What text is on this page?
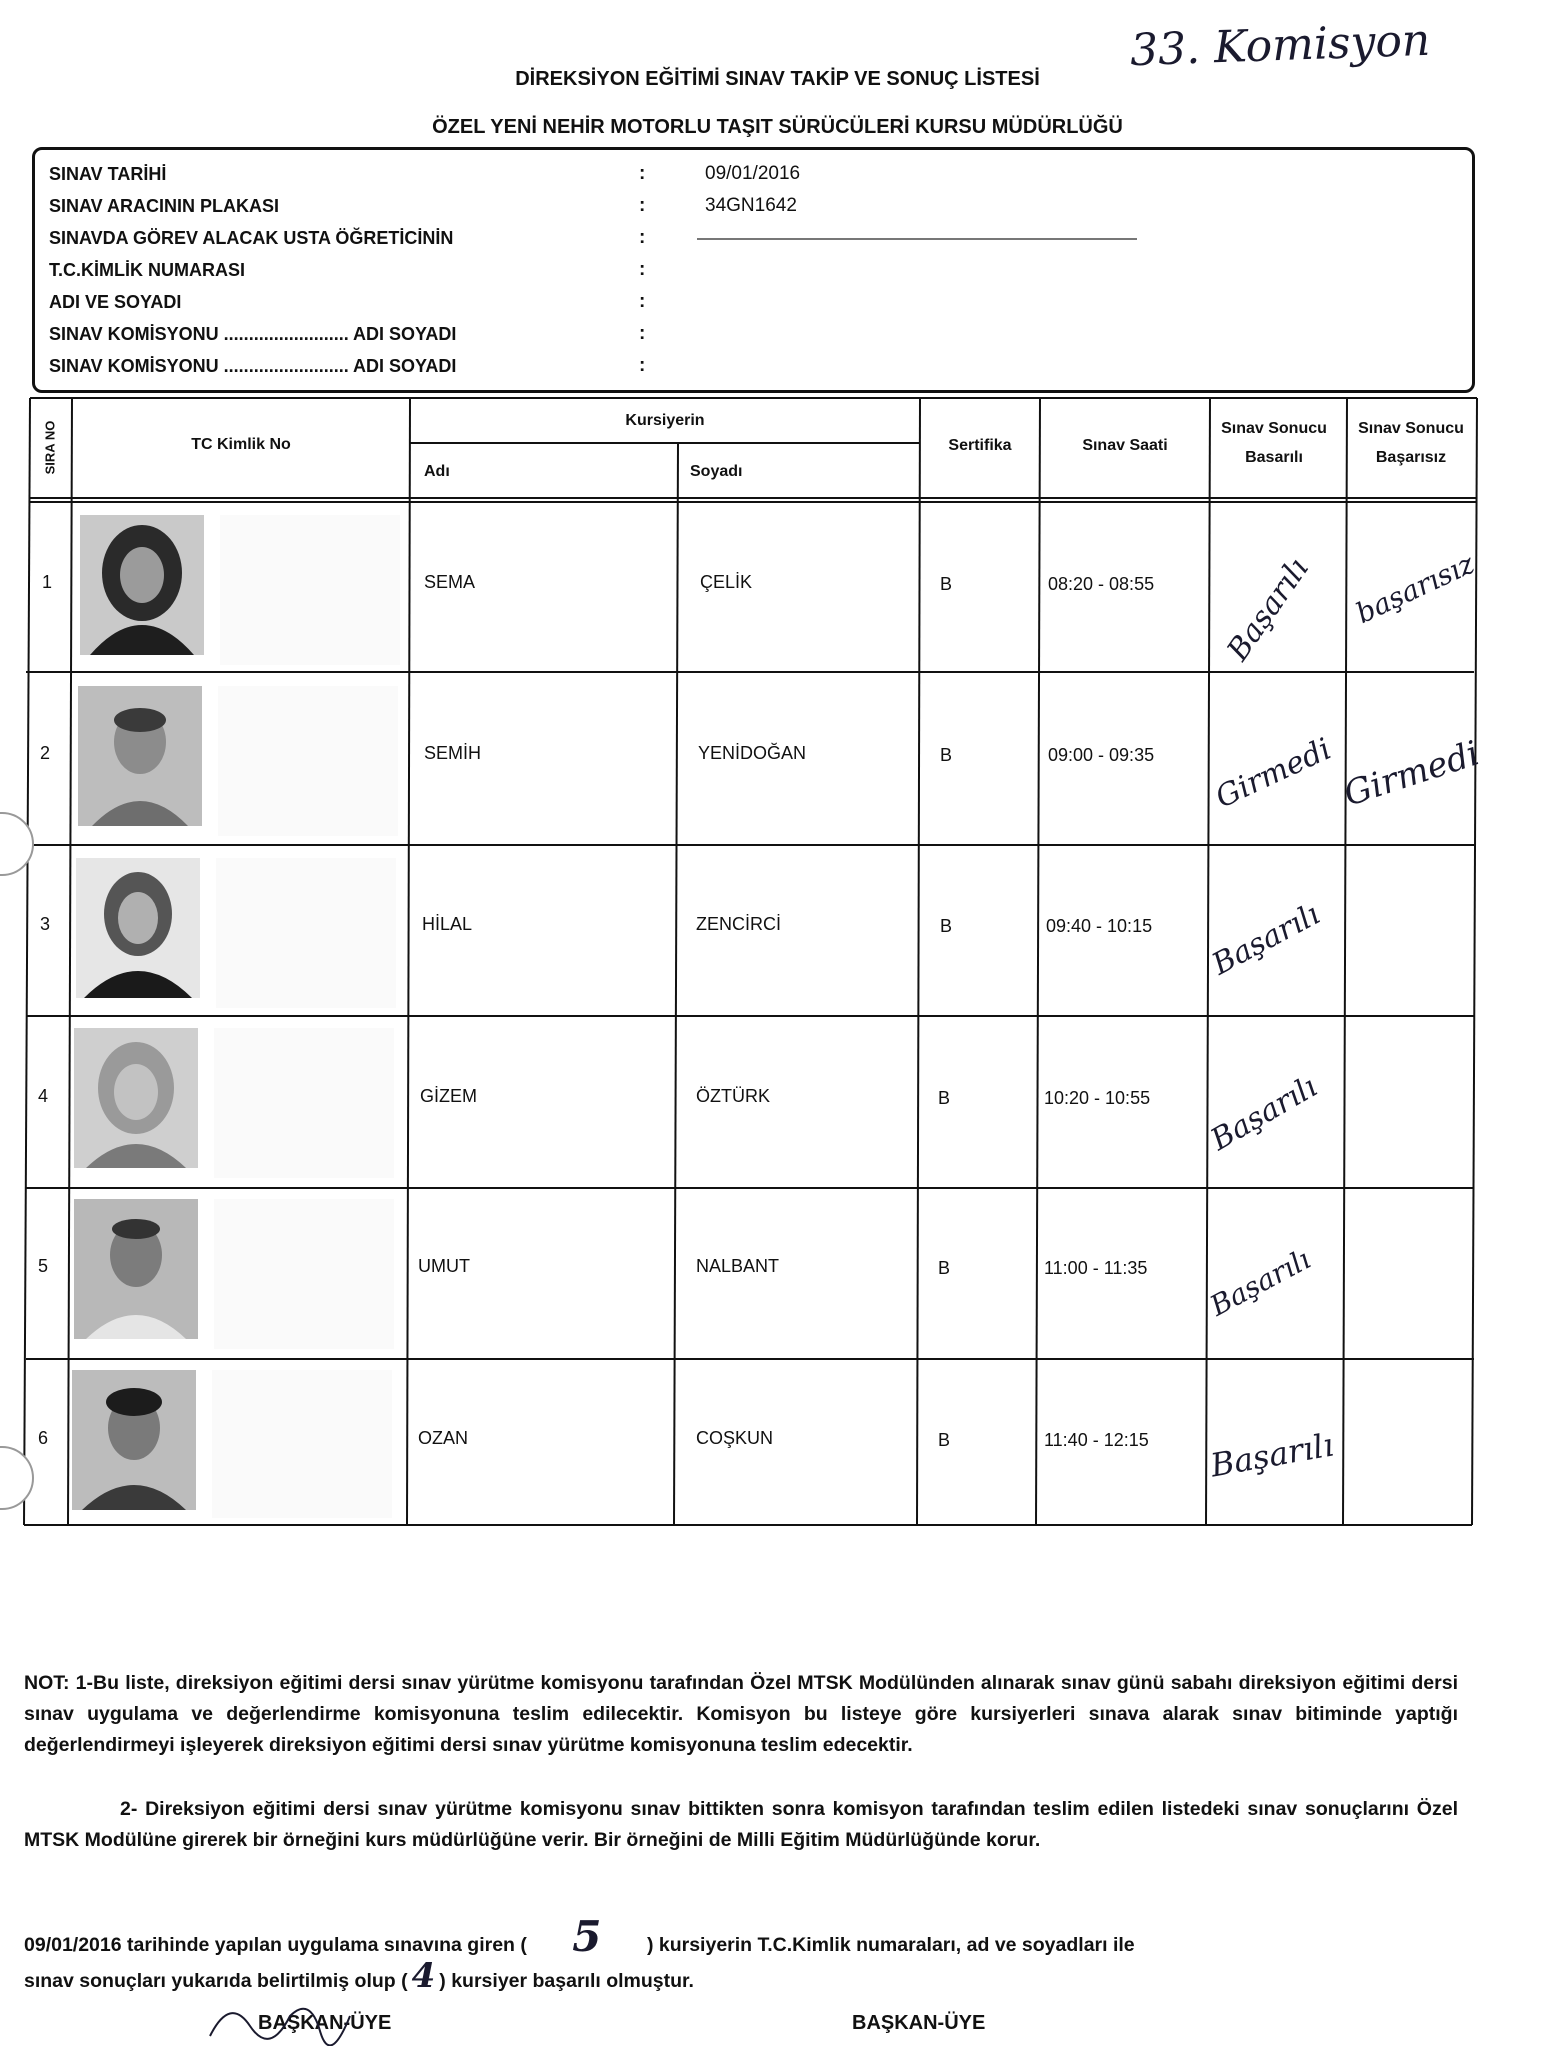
33. Komisyon
DİREKSİYON EĞİTİMİ SINAV TAKİP VE SONUÇ LİSTESİ
ÖZEL YENİ NEHİR MOTORLU TAŞIT SÜRÜCÜLERİ KURSU MÜDÜRLÜĞÜ
SINAV TARİHİ	:	09/01/2016
SINAV ARACININ PLAKASI	:	34GN1642
SINAVDA GÖREV ALACAK USTA ÖĞRETİCİNİN	:
T.C.KİMLİK NUMARASI	:
ADI VE SOYADI	:
SINAV KOMİSYONU ......................... ADI SOYADI	:
SINAV KOMİSYONU ......................... ADI SOYADI	:
SIRA NO	TC Kimlik No
Kursiyerin
Adı	Soyadı
Sertifika	Sınav Saati
Sınav Sonucu Basarılı
Sınav Sonucu Başarısız
1	SEMA	ÇELİK	B	08:20 - 08:55 Başarılı başarısız
2	SEMİH	YENİDOĞAN	B	09:00 - 09:35 Girmedi Girmedi
3	HİLAL	ZENCİRCİ	B	09:40 - 10:15 Başarılı
4	GİZEM	ÖZTÜRK	B	10:20 - 10:55 Başarılı
5	UMUT	NALBANT	B	11:00 - 11:35 Başarılı
6	OZAN	COŞKUN	B	11:40 - 12:15 Başarılı
NOT: 1-Bu liste, direksiyon eğitimi dersi sınav yürütme komisyonu tarafından Özel MTSK Modülünden alınarak sınav günü sabahı direksiyon eğitimi dersi sınav uygulama ve değerlendirme komisyonuna teslim edilecektir. Komisyon bu listeye göre kursiyerleri sınava alarak sınav bitiminde yaptığı değerlendirmeyi işleyerek direksiyon eğitimi dersi sınav yürütme komisyonuna teslim edecektir.
2- Direksiyon eğitimi dersi sınav yürütme komisyonu sınav bittikten sonra komisyon tarafından teslim edilen listedeki sınav sonuçlarını Özel MTSK Modülüne girerek bir örneğini kurs müdürlüğüne verir. Bir örneğini de Milli Eğitim Müdürlüğünde korur.
09/01/2016 tarihinde yapılan uygulama sınavına giren ( 5 ) kursiyerin T.C.Kimlik numaraları, ad ve soyadları ile
sınav sonuçları yukarıda belirtilmiş olup ( 4 ) kursiyer başarılı olmuştur.
BAŞKAN-ÜYE	BAŞKAN-ÜYE
